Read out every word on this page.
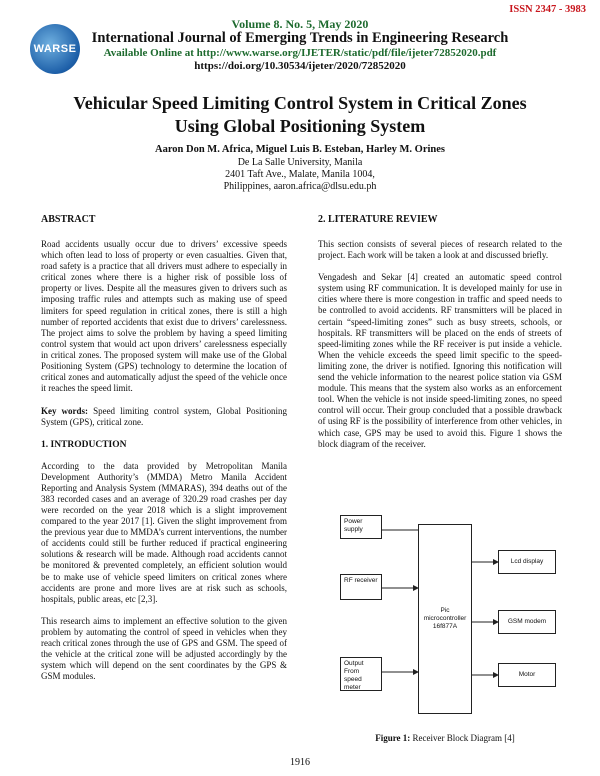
ISSN 2347 - 3983
WARSE
Volume 8. No. 5, May 2020
International Journal of Emerging Trends in Engineering Research
Available Online at http://www.warse.org/IJETER/static/pdf/file/ijeter72852020.pdf
https://doi.org/10.30534/ijeter/2020/72852020
Vehicular Speed Limiting Control System in Critical Zones
Using Global Positioning System
Aaron Don M. Africa, Miguel Luis B. Esteban, Harley M. Orines
De La Salle University, Manila
2401 Taft Ave., Malate, Manila 1004,
Philippines, aaron.africa@dlsu.edu.ph
ABSTRACT

Road accidents usually occur due to drivers’ excessive speeds which often lead to loss of property or even casualties. Given that, road safety is a practice that all drivers must adhere to especially in critical zones where there is a higher risk of possible loss of property or lives. Despite all the measures given to drivers such as imposing traffic rules and attempts such as making use of speed limiters for speed regulation in critical zones, there is still a high number of reported accidents that exist due to drivers’ carelessness. The project aims to solve the problem by having a speed limiting control system that would act upon drivers’ carelessness especially in critical zones. The proposed system will make use of the Global Positioning System (GPS) technology to determine the location of critical zones and automatically adjust the speed of the vehicle once it reaches the speed limit.

Key words: Speed limiting control system, Global Positioning System (GPS), critical zone.

1. INTRODUCTION

According to the data provided by Metropolitan Manila Development Authority’s (MMDA) Metro Manila Accident Reporting and Analysis System (MMARAS), 394 deaths out of the 383 recorded cases and an average of 320.29 road crashes per day were recorded on the year 2018 which is a slight improvement compared to the year 2017 [1]. Given the slight improvement from the previous year due to MMDA’s current interventions, the number of accidents could still be further reduced if practical engineering solutions & research will be made. Although road accidents cannot be monitored & prevented completely, an efficient solution would be to make use of vehicle speed limiters on critical zones where accidents are prone and more lives are at risk such as schools, hospitals, public areas, etc [2,3].

This research aims to implement an effective solution to the given problem by automating the control of speed in vehicles when they reach critical zones through the use of GPS and GSM. The speed of the vehicle at the critical zone will be adjusted accordingly by the system which will depend on the sent coordinates by the GPS & GSM modules.

2. LITERATURE REVIEW

This section consists of several pieces of research related to the project. Each work will be taken a look at and discussed briefly.

Vengadesh and Sekar [4] created an automatic speed control system using RF communication. It is developed mainly for use in cities where there is more congestion in traffic and speed needs to be controlled to avoid accidents. RF transmitters will be placed in certain “speed-limiting zones” such as busy streets, schools, or hospitals. RF transmitters will be placed on the ends of streets of speed-limiting zones while the RF receiver is put inside a vehicle. When the vehicle exceeds the speed limit specific to the speed-limiting zone, the driver is notified. Ignoring this notification will send the vehicle information to the nearest police station via GSM module. This means that the system also works as an enforcement tool. When the vehicle is not inside speed-limiting zones, no speed control will occur. Their group concluded that a possible drawback of using RF is the possibility of interference from other vehicles, in which case, GPS may be used to avoid this. Figure 1 shows the block diagram of the receiver.

Power supply
RF receiver
Output From speed meter
Pic microcontroller 16f877A
Lcd display
GSM modem
Motor
Figure 1: Receiver Block Diagram [4]
1916
